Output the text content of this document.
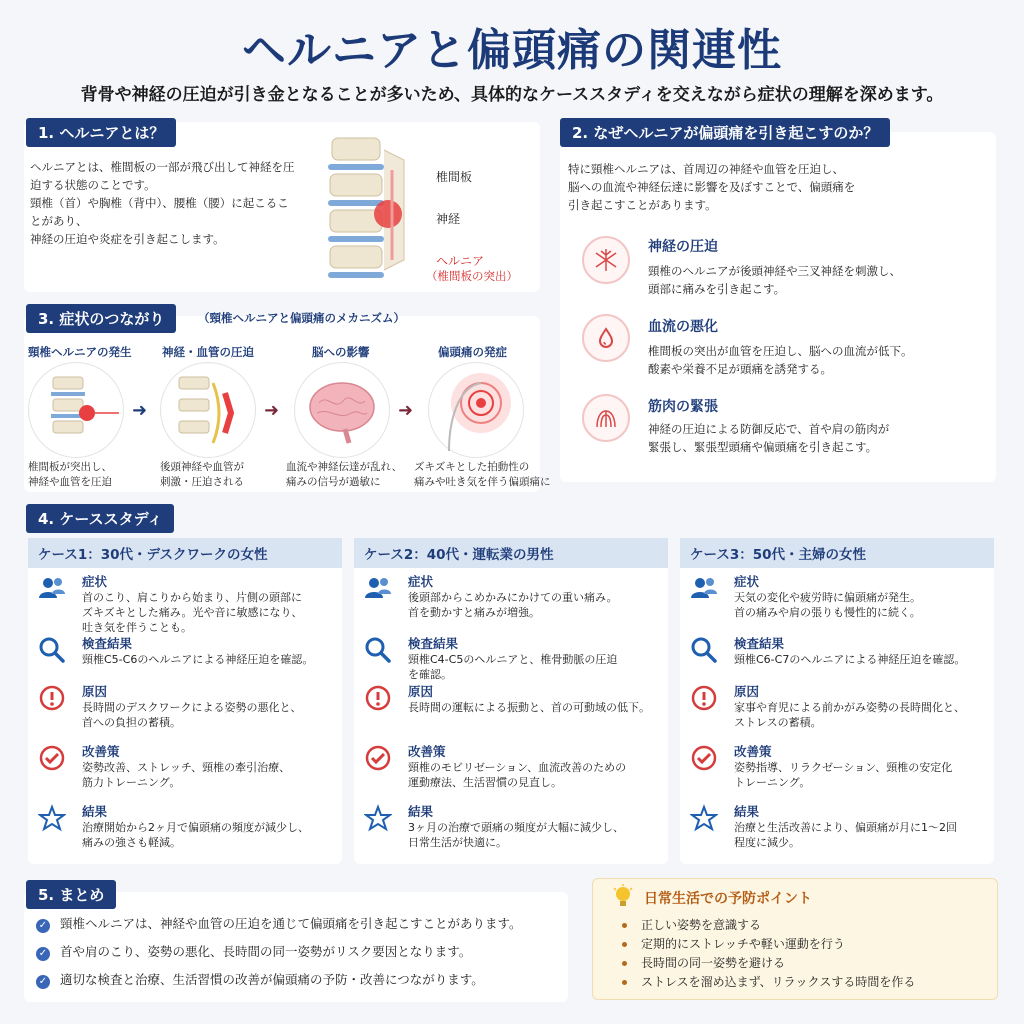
ヘルニアと偏頭痛の関連性
背骨や神経の圧迫が引き金となることが多いため、具体的なケーススタディを交えながら症状の理解を深めます。
1. ヘルニアとは？
ヘルニアとは、椎間板の一部が飛び出して神経を圧
迫する状態のことです。
頸椎（首）や胸椎（背中）、腰椎（腰）に起こるこ
とがあり、
神経の圧迫や炎症を引き起こします。
椎間板
神経
ヘルニア
（椎間板の突出）
2. なぜヘルニアが偏頭痛を引き起こすのか？
特に頸椎ヘルニアは、首周辺の神経や血管を圧迫し、
脳への血流や神経伝達に影響を及ぼすことで、偏頭痛を
引き起こすことがあります。
神経の圧迫
頸椎のヘルニアが後頭神経や三叉神経を刺激し、
頭部に痛みを引き起こす。
血流の悪化
椎間板の突出が血管を圧迫し、脳への血流が低下。
酸素や栄養不足が頭痛を誘発する。
筋肉の緊張
神経の圧迫による防御反応で、首や肩の筋肉が
緊張し、緊張型頭痛や偏頭痛を引き起こす。
3. 症状のつながり	（頸椎ヘルニアと偏頭痛のメカニズム）
頸椎ヘルニアの発生	神経・血管の圧迫	脳への影響	偏頭痛の発症
➜	➜	➜
椎間板が突出し、
神経や血管を圧迫
後頭神経や血管が
刺激・圧迫される
血流や神経伝達が乱れ、
痛みの信号が過敏に
ズキズキとした拍動性の
痛みや吐き気を伴う偏頭痛に
4. ケーススタディ
ケース1：30代・デスクワークの女性
症状
首のこり、肩こりから始まり、片側の頭部に
ズキズキとした痛み。光や音に敏感になり、
吐き気を伴うことも。
検査結果
頸椎C5-C6のヘルニアによる神経圧迫を確認。
原因
長時間のデスクワークによる姿勢の悪化と、
首への負担の蓄積。
改善策
姿勢改善、ストレッチ、頸椎の牽引治療、
筋力トレーニング。
結果
治療開始から2ヶ月で偏頭痛の頻度が減少し、
痛みの強さも軽減。
ケース2：40代・運転業の男性
症状
後頭部からこめかみにかけての重い痛み。
首を動かすと痛みが増強。
検査結果
頸椎C4-C5のヘルニアと、椎骨動脈の圧迫
を確認。
原因
長時間の運転による振動と、首の可動域の低下。
改善策
頸椎のモビリゼーション、血流改善のための
運動療法、生活習慣の見直し。
結果
3ヶ月の治療で頭痛の頻度が大幅に減少し、
日常生活が快適に。
ケース3：50代・主婦の女性
症状
天気の変化や疲労時に偏頭痛が発生。
首の痛みや肩の張りも慢性的に続く。
検査結果
頸椎C6-C7のヘルニアによる神経圧迫を確認。
原因
家事や育児による前かがみ姿勢の長時間化と、
ストレスの蓄積。
改善策
姿勢指導、リラクゼーション、頸椎の安定化
トレーニング。
結果
治療と生活改善により、偏頭痛が月に1〜2回
程度に減少。
5. まとめ
✓ 頸椎ヘルニアは、神経や血管の圧迫を通じて偏頭痛を引き起こすことがあります。
✓ 首や肩のこり、姿勢の悪化、長時間の同一姿勢がリスク要因となります。
✓ 適切な検査と治療、生活習慣の改善が偏頭痛の予防・改善につながります。
日常生活での予防ポイント
正しい姿勢を意識する
定期的にストレッチや軽い運動を行う
長時間の同一姿勢を避ける
ストレスを溜め込まず、リラックスする時間を作る
